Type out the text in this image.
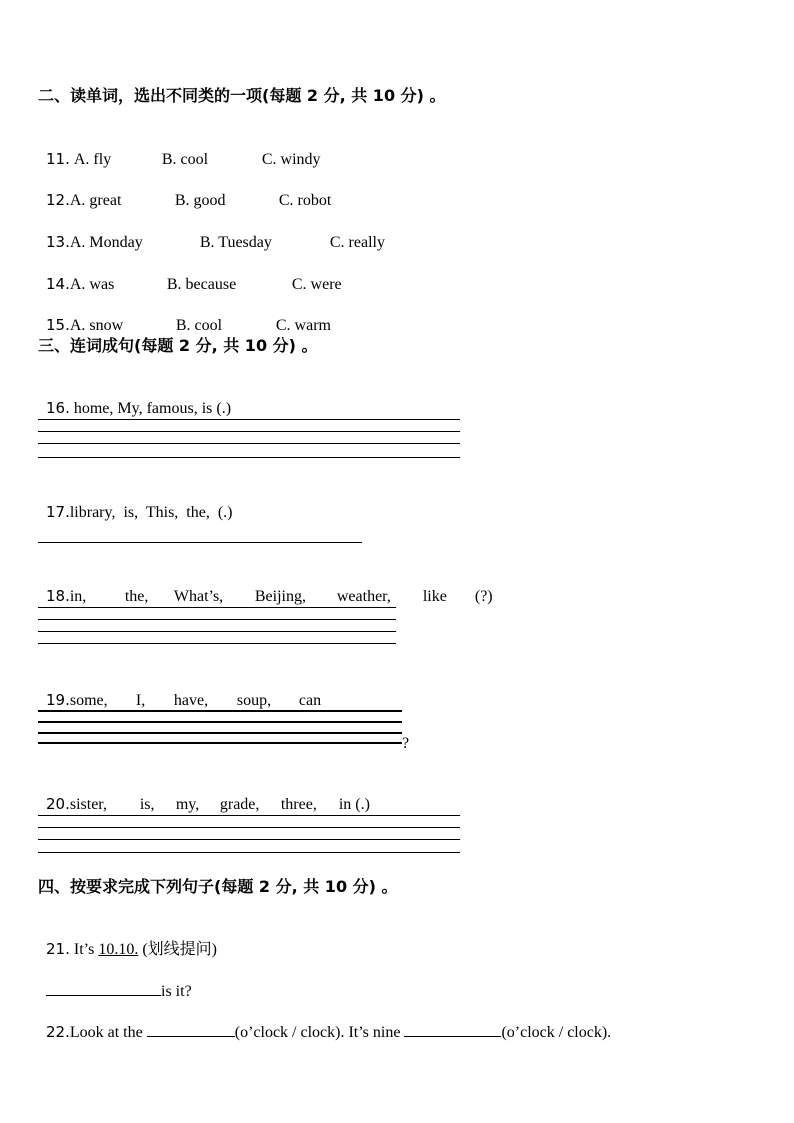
二、读单词，选出不同类的一项(每题 2 分, 共 10 分) 。

11. A. fly	B. cool	C. windy

12.A. great	B. good	C. robot

13.A. Monday	B. Tuesday	C. really

14.A. was	B. because	C. were

15.A. snow	B. cool	C. warm

三、连词成句(每题 2 分, 共 10 分) 。

16. home, My, famous, is (.)

17.library,  is,  This,  the,  (.)

18.in, the, What’s, Beijing, weather, like (?)

19.some, I, have, soup, can

?

20.sister, is, my, grade, three, in (.)

四、按要求完成下列句子(每题 2 分, 共 10 分) 。

21. It’s 10.10. (划线提问)

is it?

22.Look at the	(o’clock / clock). It’s nine	(o’clock / clock).
